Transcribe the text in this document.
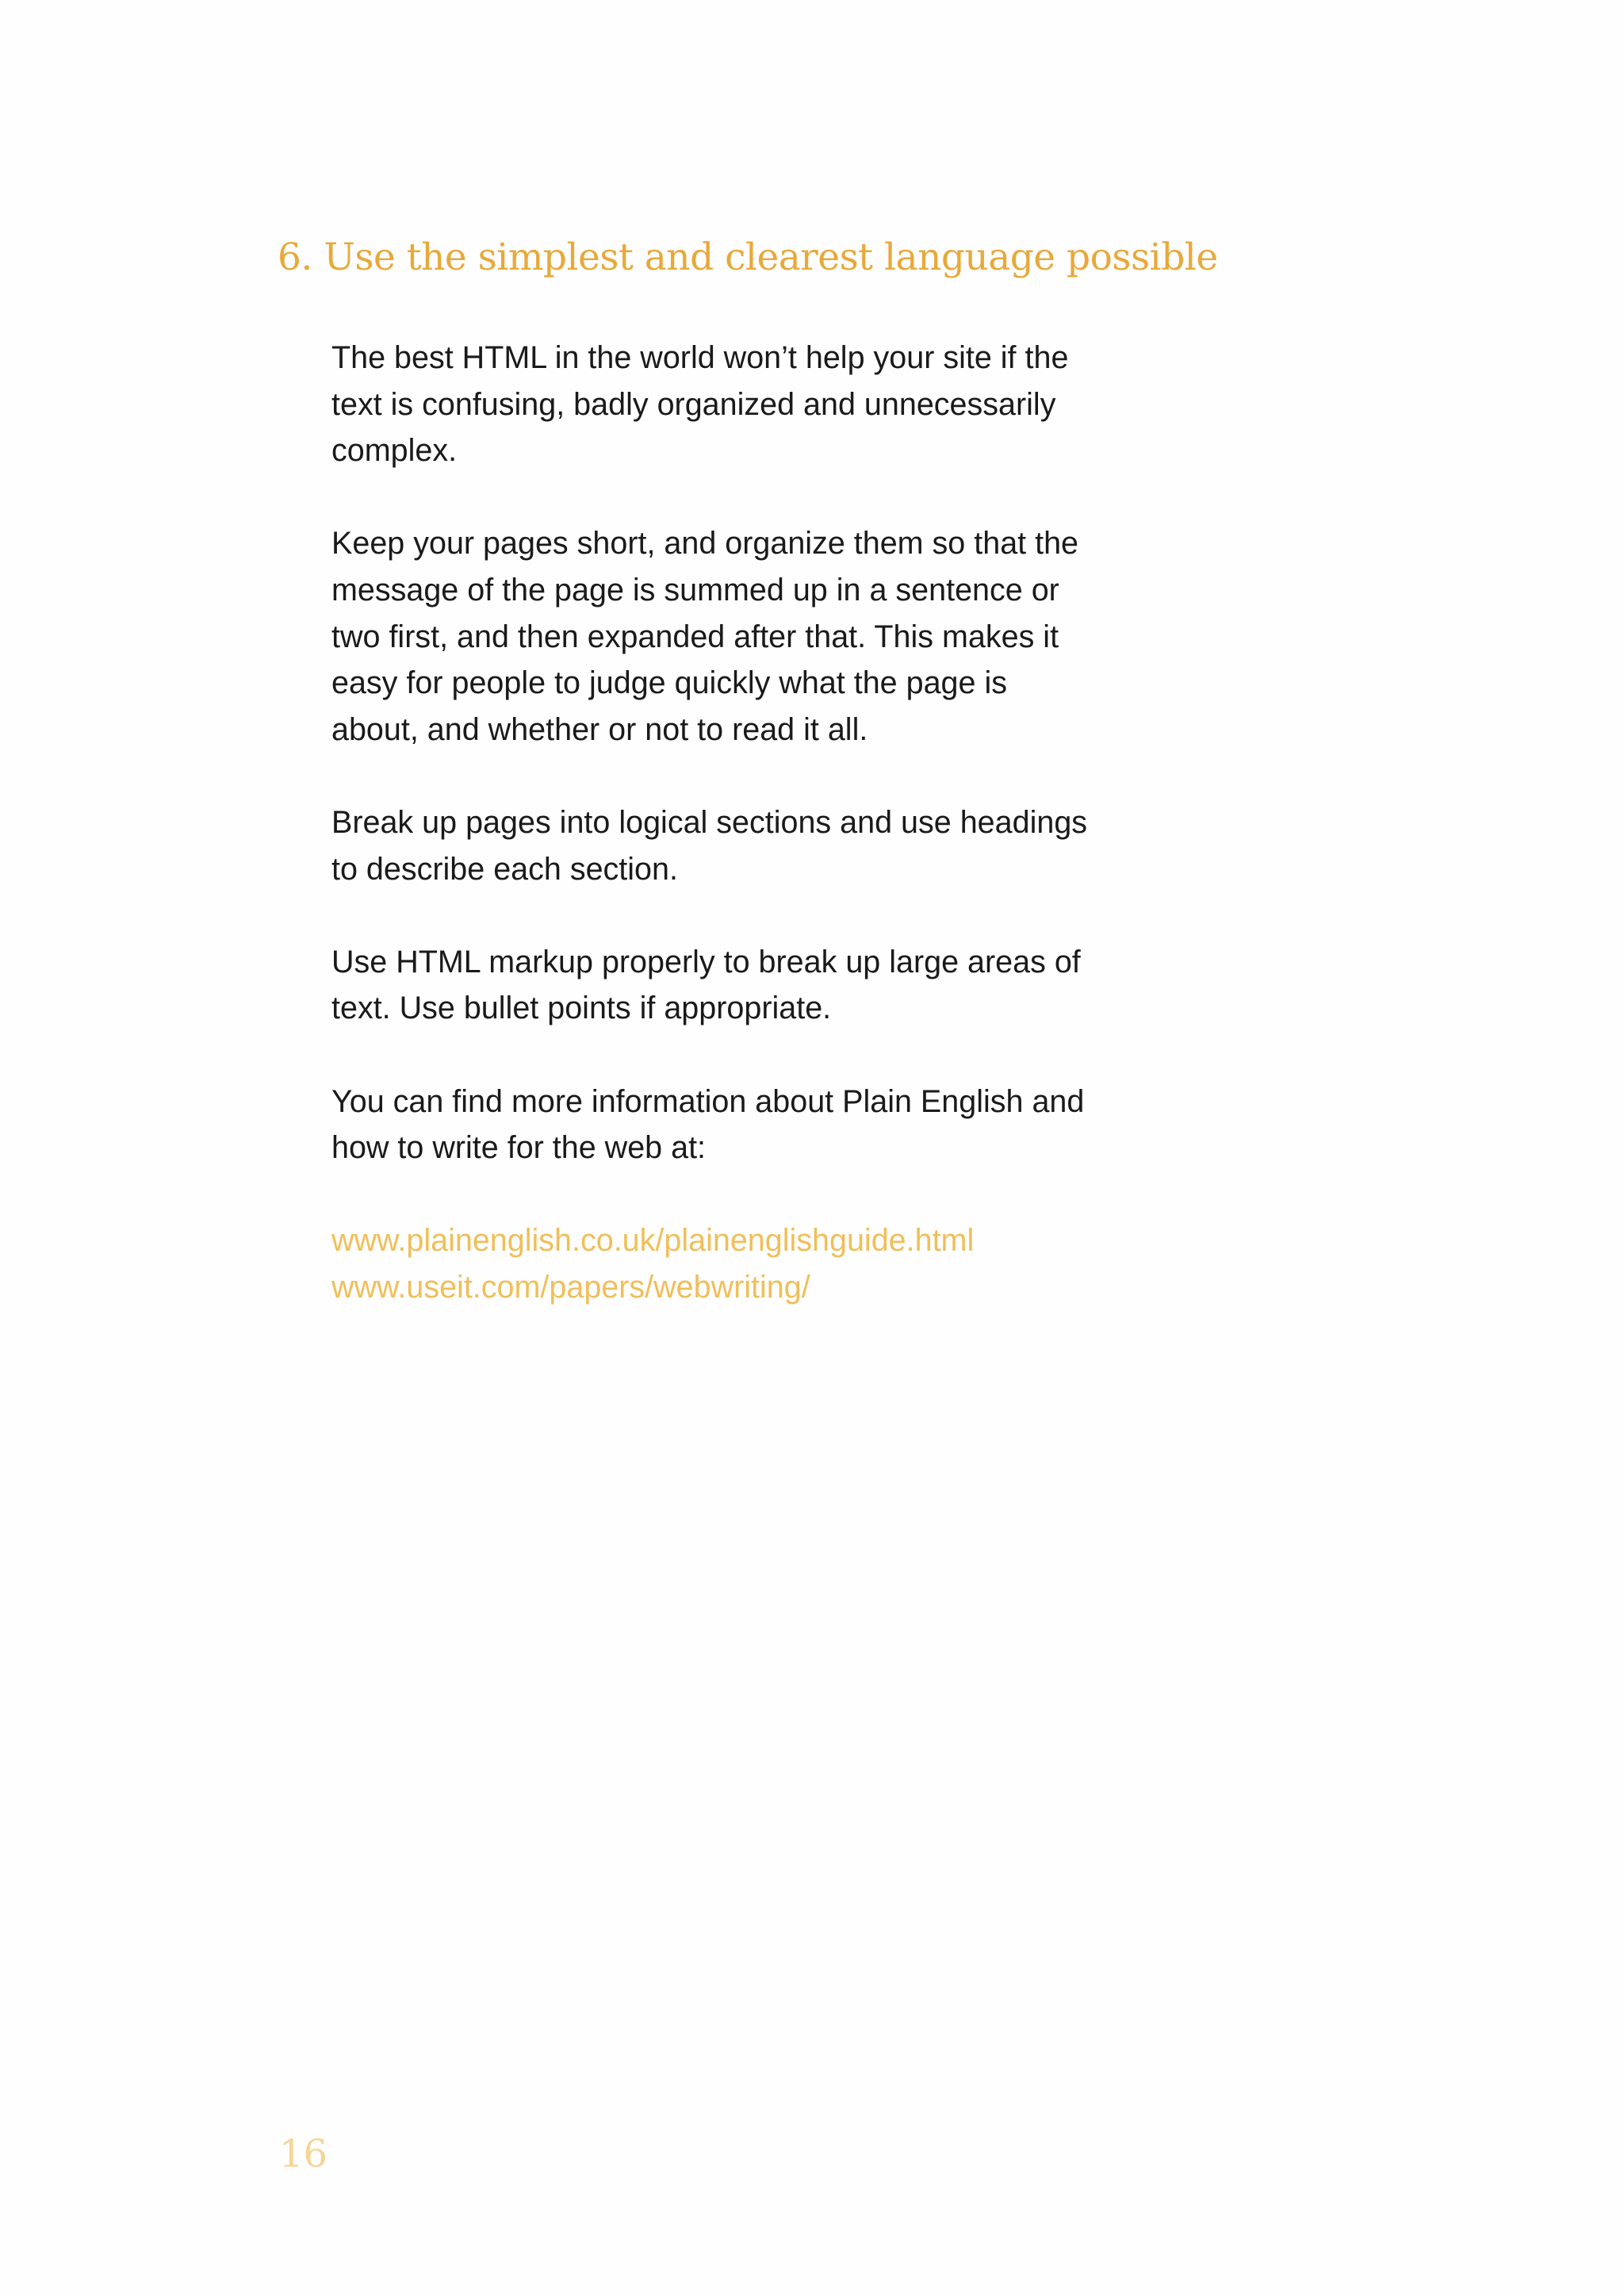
6. Use the simplest and clearest language possible

The best HTML in the world won’t help your site if the text is confusing, badly organized and unnecessarily complex.

Keep your pages short, and organize them so that the message of the page is summed up in a sentence or two first, and then expanded after that. This makes it easy for people to judge quickly what the page is about, and whether or not to read it all.

Break up pages into logical sections and use headings to describe each section.

Use HTML markup properly to break up large areas of text. Use bullet points if appropriate.

You can find more information about Plain English and how to write for the web at:

www.plainenglish.co.uk/plainenglishguide.html
www.useit.com/papers/webwriting/
16
